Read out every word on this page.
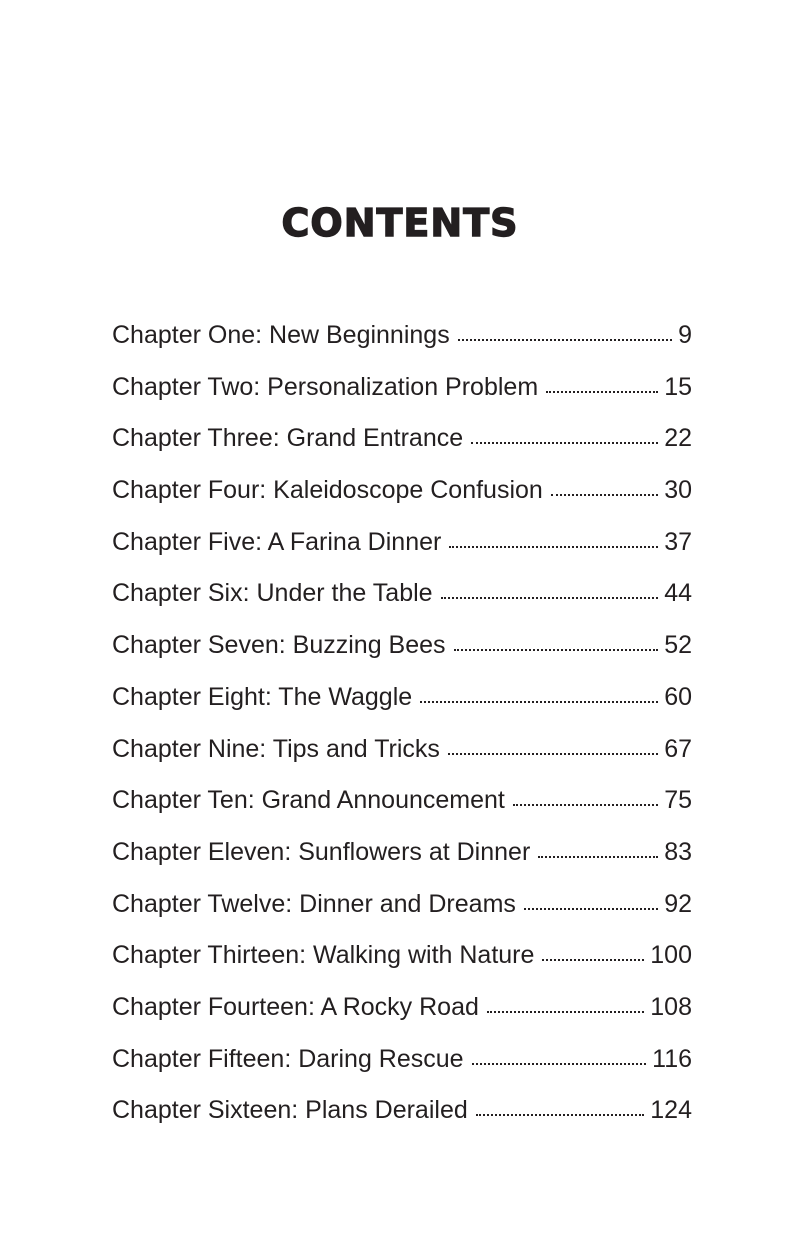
CONTENTS
Chapter One: New Beginnings	9
Chapter Two: Personalization Problem	15
Chapter Three: Grand Entrance	22
Chapter Four: Kaleidoscope Confusion	30
Chapter Five: A Farina Dinner	37
Chapter Six: Under the Table	44
Chapter Seven: Buzzing Bees	52
Chapter Eight: The Waggle	60
Chapter Nine: Tips and Tricks	67
Chapter Ten: Grand Announcement	75
Chapter Eleven: Sunflowers at Dinner	83
Chapter Twelve: Dinner and Dreams	92
Chapter Thirteen: Walking with Nature	100
Chapter Fourteen: A Rocky Road	108
Chapter Fifteen: Daring Rescue	116
Chapter Sixteen: Plans Derailed	124
